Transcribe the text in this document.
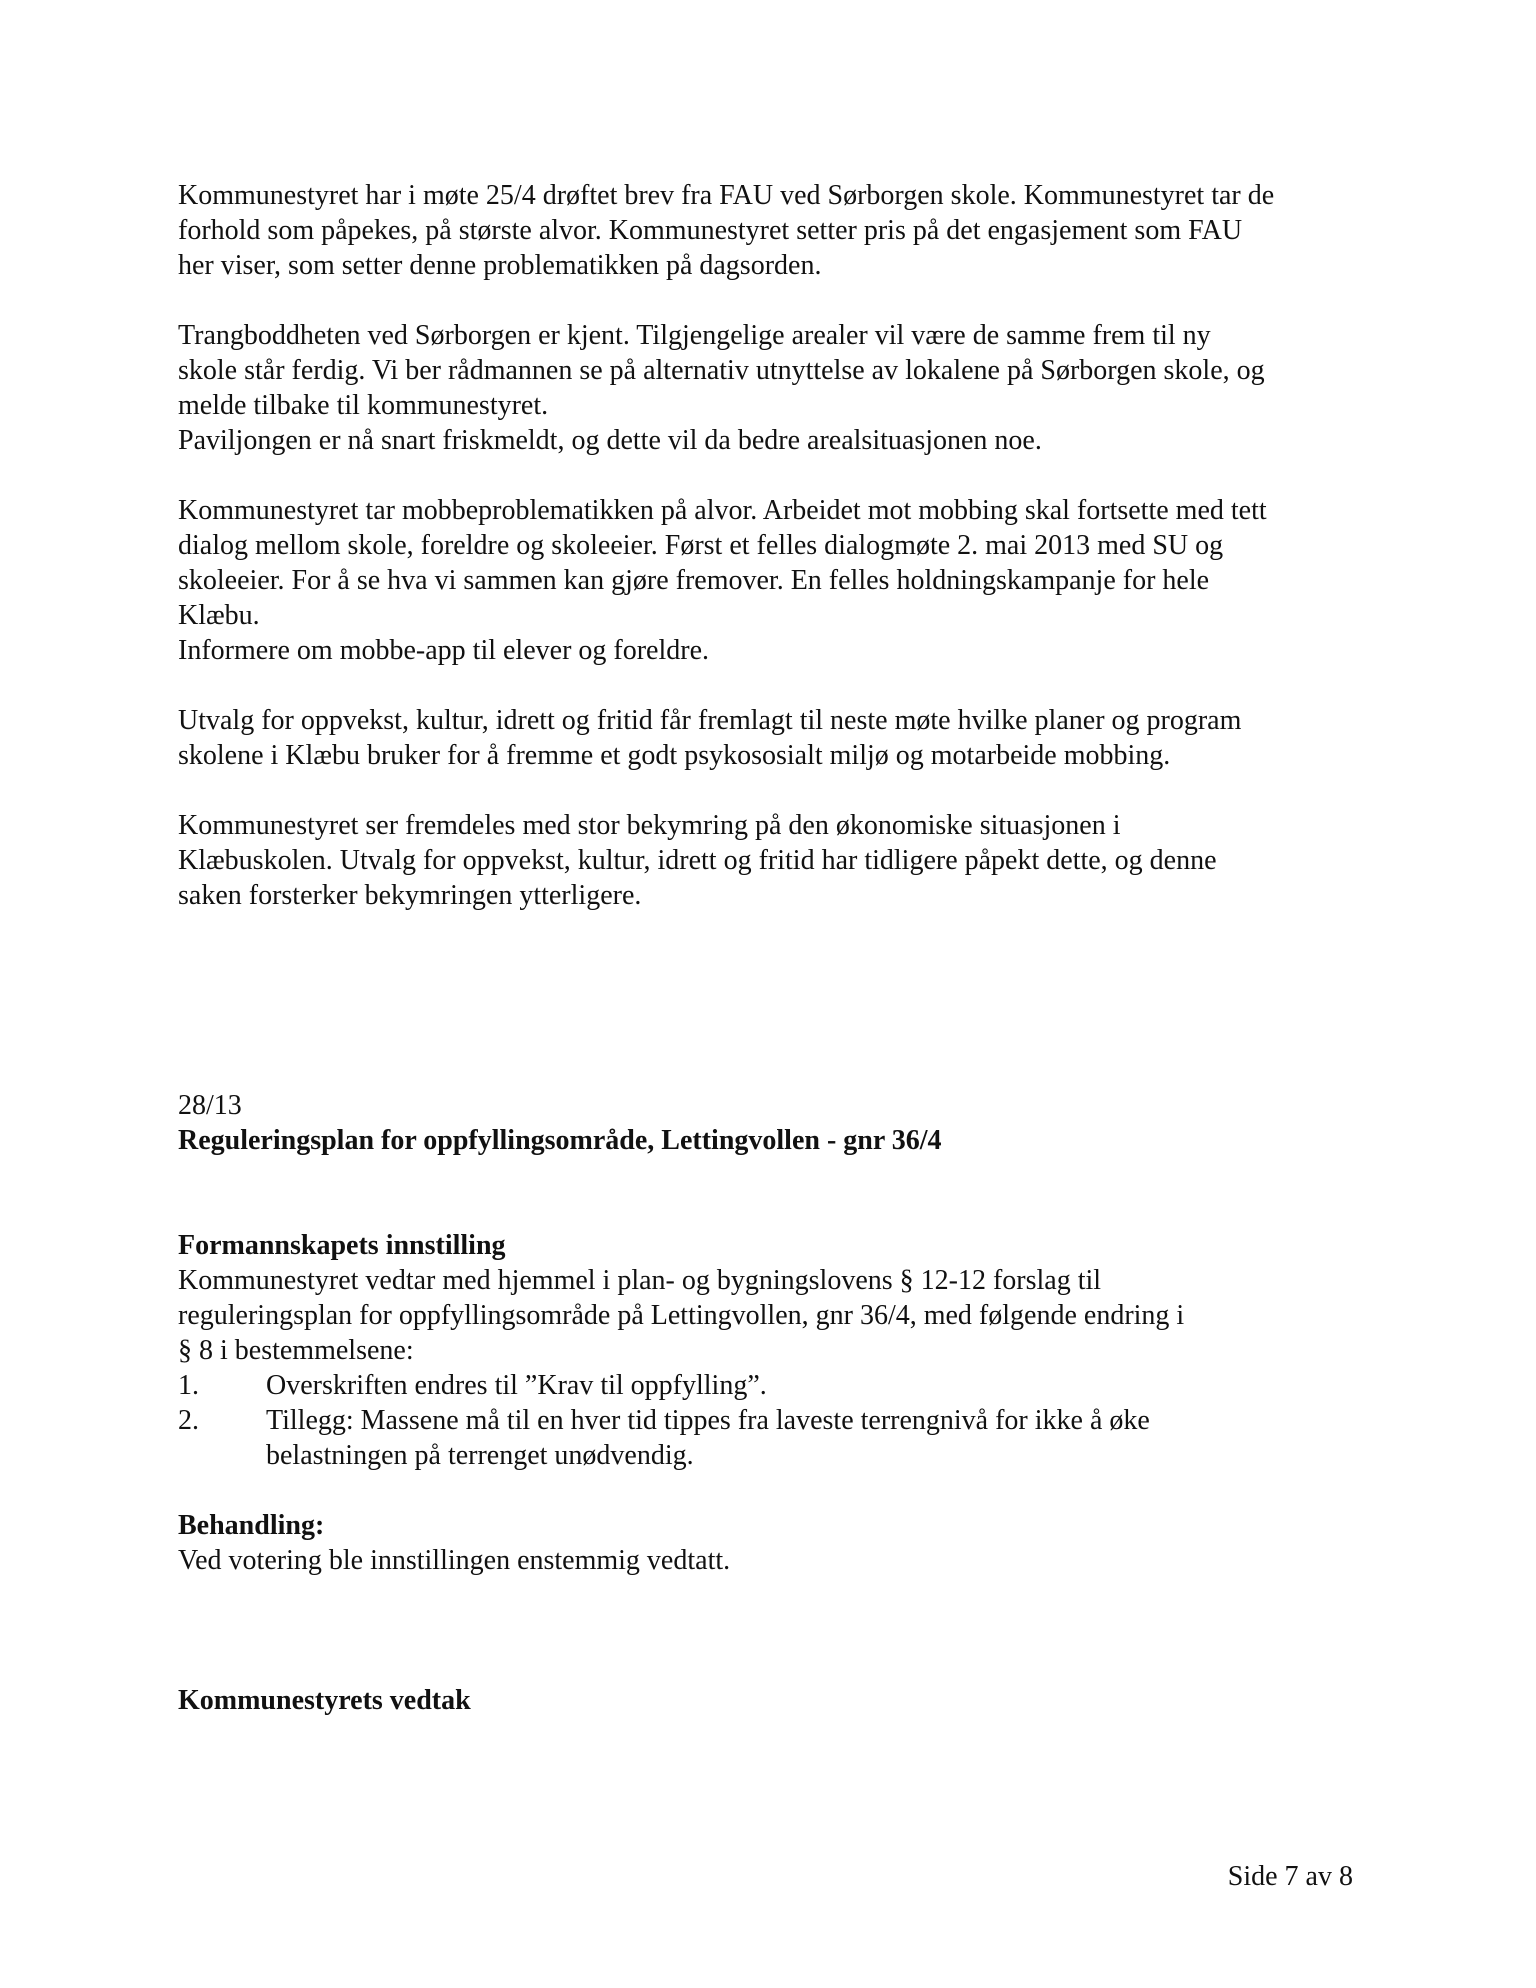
Kommunestyret har i møte 25/4 drøftet brev fra FAU ved Sørborgen skole. Kommunestyret tar de
forhold som påpekes, på største alvor. Kommunestyret setter pris på det engasjement som FAU
her viser, som setter denne problematikken på dagsorden.
Trangboddheten ved Sørborgen er kjent. Tilgjengelige arealer vil være de samme frem til ny
skole står ferdig. Vi ber rådmannen se på alternativ utnyttelse av lokalene på Sørborgen skole, og
melde tilbake til kommunestyret.
Paviljongen er nå snart friskmeldt, og dette vil da bedre arealsituasjonen noe.
Kommunestyret tar mobbeproblematikken på alvor. Arbeidet mot mobbing skal fortsette med tett
dialog mellom skole, foreldre og skoleeier. Først et felles dialogmøte 2. mai 2013 med SU og
skoleeier. For å se hva vi sammen kan gjøre fremover. En felles holdningskampanje for hele
Klæbu.
Informere om mobbe-app til elever og foreldre.
Utvalg for oppvekst, kultur, idrett og fritid får fremlagt til neste møte hvilke planer og program
skolene i Klæbu bruker for å fremme et godt psykososialt miljø og motarbeide mobbing.
Kommunestyret ser fremdeles med stor bekymring på den økonomiske situasjonen i
Klæbuskolen. Utvalg for oppvekst, kultur, idrett og fritid har tidligere påpekt dette, og denne
saken forsterker bekymringen ytterligere.
28/13
Reguleringsplan for oppfyllingsområde, Lettingvollen - gnr 36/4
Formannskapets innstilling
Kommunestyret vedtar med hjemmel i plan- og bygningslovens § 12-12 forslag til
reguleringsplan for oppfyllingsområde på Lettingvollen, gnr 36/4, med følgende endring i
§ 8 i bestemmelsene:
1.	Overskriften endres til ”Krav til oppfylling”.
2.	Tillegg: Massene må til en hver tid tippes fra laveste terrengnivå for ikke å øke
belastningen på terrenget unødvendig.
Behandling:
Ved votering ble innstillingen enstemmig vedtatt.
Kommunestyrets vedtak
Side 7 av 8
